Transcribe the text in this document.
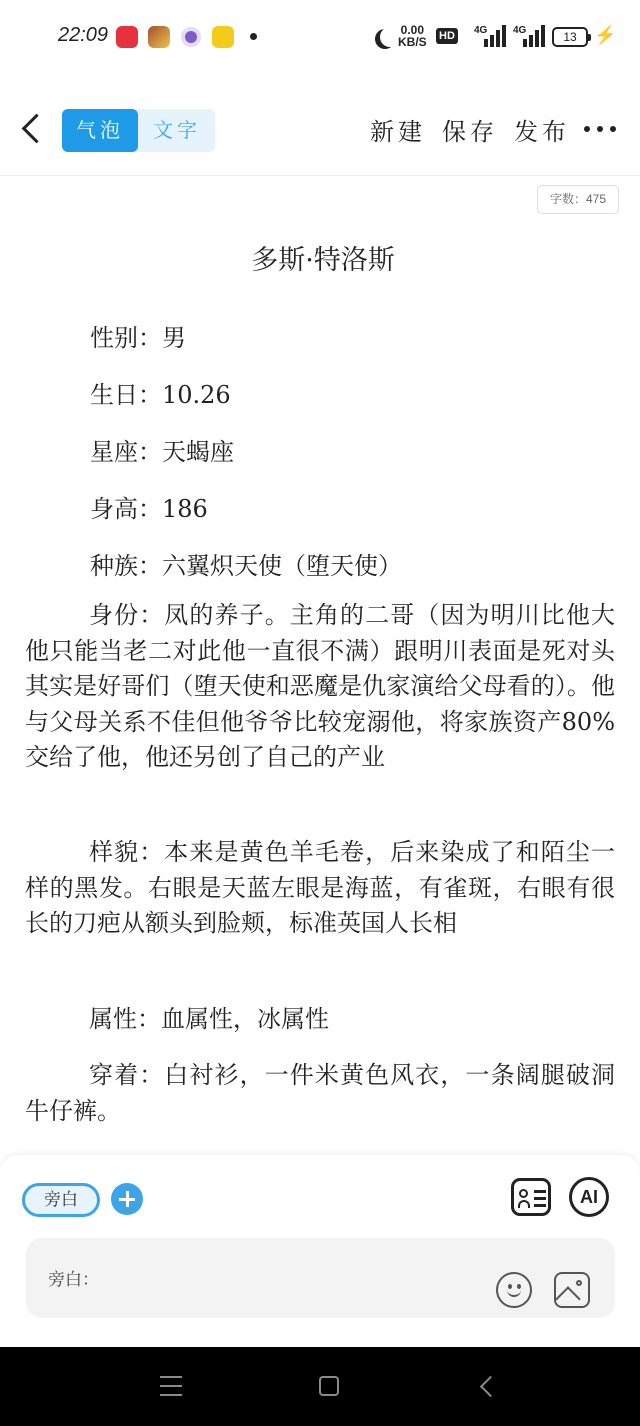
22:09	0.00
KB/S HD	4G	4G	13 ⚡
气泡	文字	新建 保存 发布
字数：475
多斯·特洛斯
性别：男
生日：10.26
星座：天蝎座
身高：186
种族：六翼炽天使（堕天使）
身份：凤的养子。主角的二哥（因为明川比他大他只能当老二对此他一直很不满）跟明川表面是死对头其实是好哥们（堕天使和恶魔是仇家演给父母看的）。他与父母关系不佳但他爷爷比较宠溺他，将家族资产80%交给了他，他还另创了自己的产业
样貌：本来是黄色羊毛卷，后来染成了和陌尘一样的黑发。右眼是天蓝左眼是海蓝，有雀斑，右眼有很长的刀疤从额头到脸颊，标准英国人长相
属性：血属性，冰属性
穿着：白衬衫，一件米黄色风衣，一条阔腿破洞牛仔裤。
旁白	AI
旁白：
